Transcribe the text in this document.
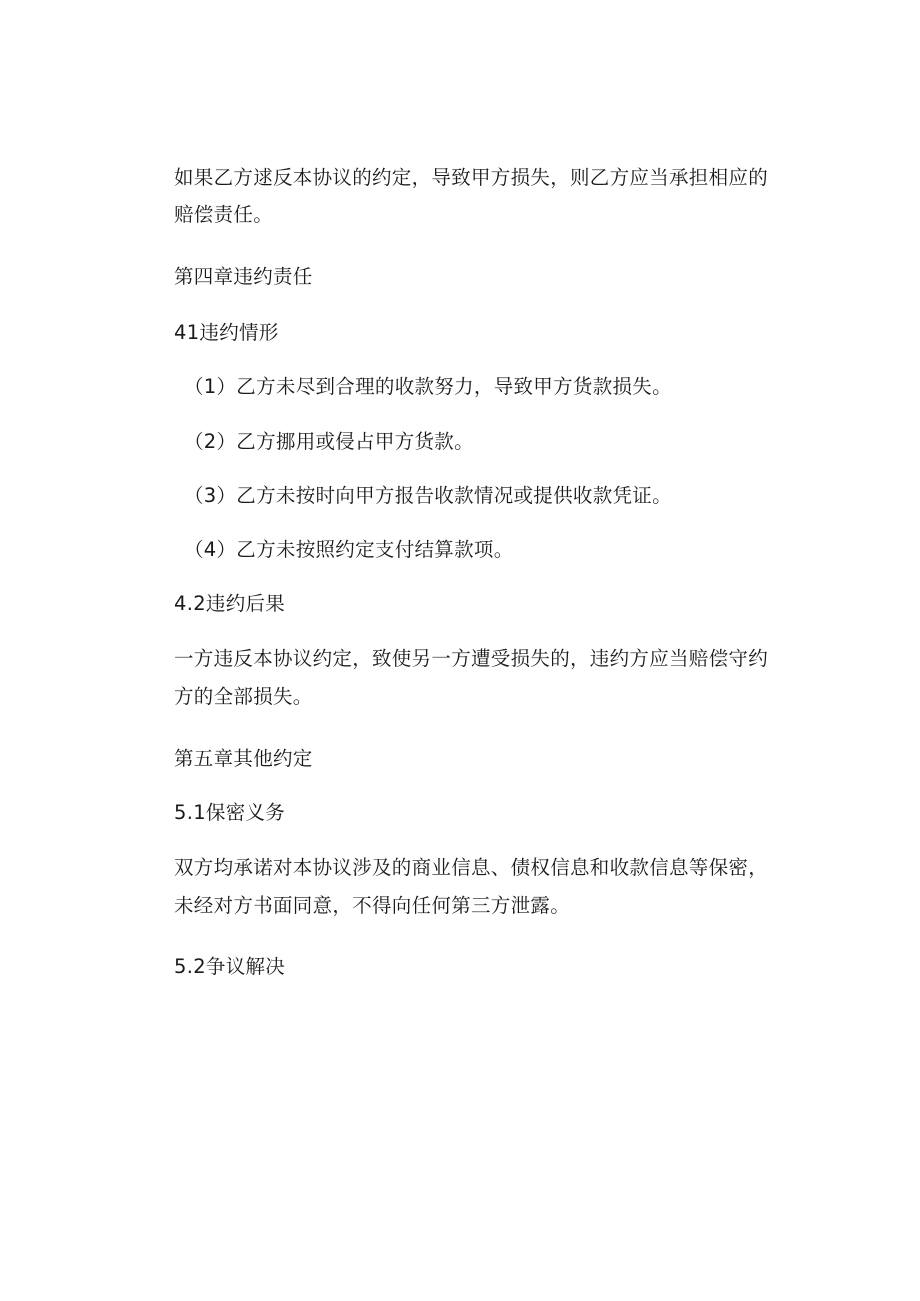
如果乙方逑反本协议的约定，导致甲方损失，则乙方应当承担相应的
赔偿责任。
第四章违约责任
41违约情形
（1）乙方未尽到合理的收款努力，导致甲方货款损失。
（2）乙方挪用或侵占甲方货款。
（3）乙方未按时向甲方报告收款情况或提供收款凭证。
（4）乙方未按照约定支付结算款项。
4.2违约后果
一方违反本协议约定，致使另一方遭受损失的，违约方应当赔偿守约
方的全部损失。
第五章其他约定
5.1保密义务
双方均承诺对本协议涉及的商业信息、债权信息和收款信息等保密，
未经对方书面同意，不得向任何第三方泄露。
5.2争议解决
